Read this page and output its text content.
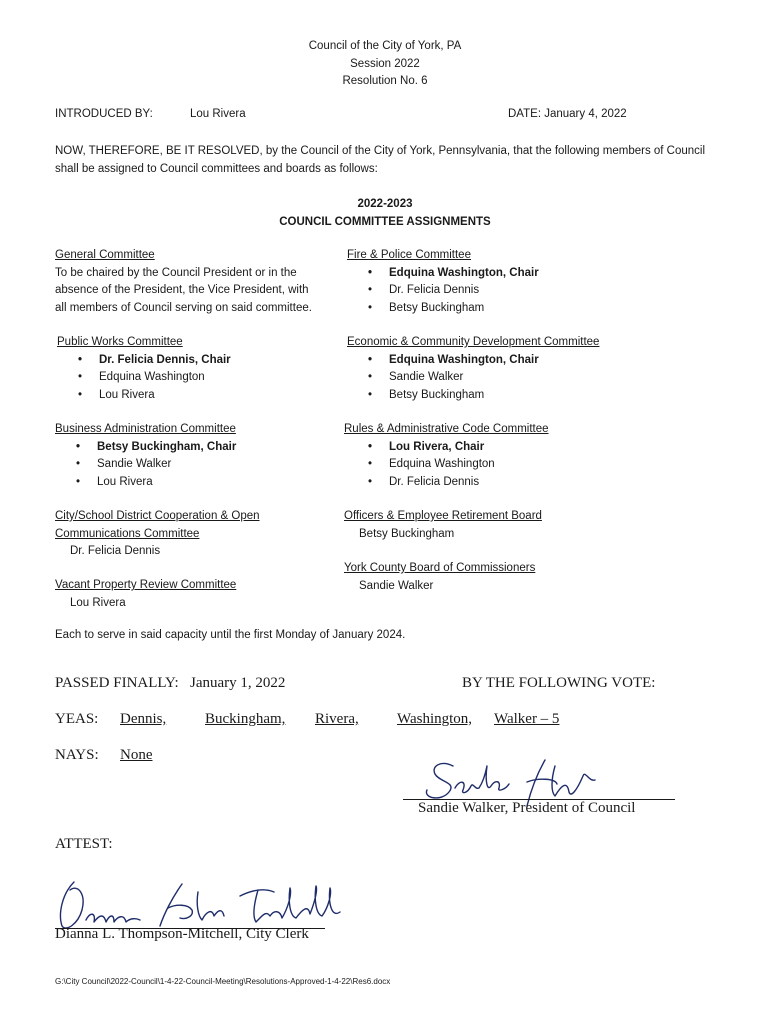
Council of the City of York, PA
Session 2022
Resolution No. 6
INTRODUCED BY:	Lou Rivera	DATE: January 4, 2022
NOW, THEREFORE, BE IT RESOLVED, by the Council of the City of York, Pennsylvania, that the following members of Council shall be assigned to Council committees and boards as follows:
2022-2023
COUNCIL COMMITTEE ASSIGNMENTS
General Committee
To be chaired by the Council President or in the
absence of the President, the Vice President, with
all members of Council serving on said committee.
Fire & Police Committee
• Edquina Washington, Chair
• Dr. Felicia Dennis
• Betsy Buckingham
Public Works Committee
• Dr. Felicia Dennis, Chair
• Edquina Washington
• Lou Rivera
Economic & Community Development Committee
• Edquina Washington, Chair
• Sandie Walker
• Betsy Buckingham
Business Administration Committee
• Betsy Buckingham, Chair
• Sandie Walker
• Lou Rivera
Rules & Administrative Code Committee
• Lou Rivera, Chair
• Edquina Washington
• Dr. Felicia Dennis
City/School District Cooperation & Open
Communications Committee
Dr. Felicia Dennis
Officers & Employee Retirement Board
Betsy Buckingham
York County Board of Commissioners
Sandie Walker
Vacant Property Review Committee
Lou Rivera
Each to serve in said capacity until the first Monday of January 2024.
PASSED FINALLY: January 1, 2022	BY THE FOLLOWING VOTE:
YEAS: Dennis,	Buckingham, Rivera,	Washington, Walker – 5
NAYS: None
Sandie Walker, President of Council
ATTEST:
Dianna L. Thompson-Mitchell, City Clerk
G:\City Council\2022-Council\1-4-22-Council-Meeting\Resolutions-Approved-1-4-22\Res6.docx
